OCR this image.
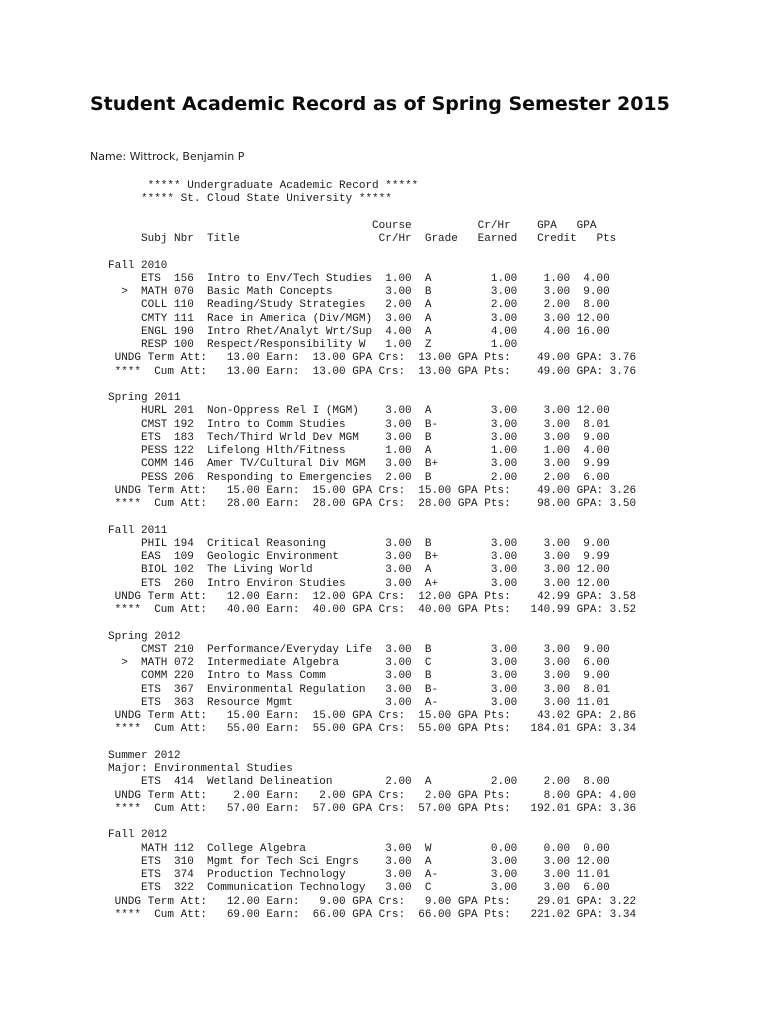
Student Academic Record as of Spring Semester 2015
Name: Wittrock, Benjamin P
***** Undergraduate Academic Record *****
***** St. Cloud State University *****
Course          Cr/Hr    GPA   GPA
Subj Nbr  Title                     Cr/Hr  Grade   Earned   Credit   Pts
Fall 2010
ETS  156  Intro to Env/Tech Studies  1.00  A         1.00    1.00  4.00
>  MATH 070  Basic Math Concepts        3.00  B         3.00    3.00  9.00
COLL 110  Reading/Study Strategies   2.00  A         2.00    2.00  8.00
CMTY 111  Race in America (Div/MGM)  3.00  A         3.00    3.00 12.00
ENGL 190  Intro Rhet/Analyt Wrt/Sup  4.00  A         4.00    4.00 16.00
RESP 100  Respect/Responsibility W   1.00  Z         1.00
UNDG Term Att:   13.00 Earn:  13.00 GPA Crs:  13.00 GPA Pts:    49.00 GPA: 3.76
****  Cum Att:   13.00 Earn:  13.00 GPA Crs:  13.00 GPA Pts:    49.00 GPA: 3.76
Spring 2011
HURL 201  Non-Oppress Rel I (MGM)    3.00  A         3.00    3.00 12.00
CMST 192  Intro to Comm Studies      3.00  B-        3.00    3.00  8.01
ETS  183  Tech/Third Wrld Dev MGM    3.00  B         3.00    3.00  9.00
PESS 122  Lifelong Hlth/Fitness      1.00  A         1.00    1.00  4.00
COMM 146  Amer TV/Cultural Div MGM   3.00  B+        3.00    3.00  9.99
PESS 206  Responding to Emergencies  2.00  B         2.00    2.00  6.00
UNDG Term Att:   15.00 Earn:  15.00 GPA Crs:  15.00 GPA Pts:    49.00 GPA: 3.26
****  Cum Att:   28.00 Earn:  28.00 GPA Crs:  28.00 GPA Pts:    98.00 GPA: 3.50
Fall 2011
PHIL 194  Critical Reasoning         3.00  B         3.00    3.00  9.00
EAS  109  Geologic Environment       3.00  B+        3.00    3.00  9.99
BIOL 102  The Living World           3.00  A         3.00    3.00 12.00
ETS  260  Intro Environ Studies      3.00  A+        3.00    3.00 12.00
UNDG Term Att:   12.00 Earn:  12.00 GPA Crs:  12.00 GPA Pts:    42.99 GPA: 3.58
****  Cum Att:   40.00 Earn:  40.00 GPA Crs:  40.00 GPA Pts:   140.99 GPA: 3.52
Spring 2012
CMST 210  Performance/Everyday Life  3.00  B         3.00    3.00  9.00
>  MATH 072  Intermediate Algebra       3.00  C         3.00    3.00  6.00
COMM 220  Intro to Mass Comm         3.00  B         3.00    3.00  9.00
ETS  367  Environmental Regulation   3.00  B-        3.00    3.00  8.01
ETS  363  Resource Mgmt              3.00  A-        3.00    3.00 11.01
UNDG Term Att:   15.00 Earn:  15.00 GPA Crs:  15.00 GPA Pts:    43.02 GPA: 2.86
****  Cum Att:   55.00 Earn:  55.00 GPA Crs:  55.00 GPA Pts:   184.01 GPA: 3.34
Summer 2012
Major: Environmental Studies
ETS  414  Wetland Delineation        2.00  A         2.00    2.00  8.00
UNDG Term Att:    2.00 Earn:   2.00 GPA Crs:   2.00 GPA Pts:     8.00 GPA: 4.00
****  Cum Att:   57.00 Earn:  57.00 GPA Crs:  57.00 GPA Pts:   192.01 GPA: 3.36
Fall 2012
MATH 112  College Algebra            3.00  W         0.00    0.00  0.00
ETS  310  Mgmt for Tech Sci Engrs    3.00  A         3.00    3.00 12.00
ETS  374  Production Technology      3.00  A-        3.00    3.00 11.01
ETS  322  Communication Technology   3.00  C         3.00    3.00  6.00
UNDG Term Att:   12.00 Earn:   9.00 GPA Crs:   9.00 GPA Pts:    29.01 GPA: 3.22
****  Cum Att:   69.00 Earn:  66.00 GPA Crs:  66.00 GPA Pts:   221.02 GPA: 3.34
